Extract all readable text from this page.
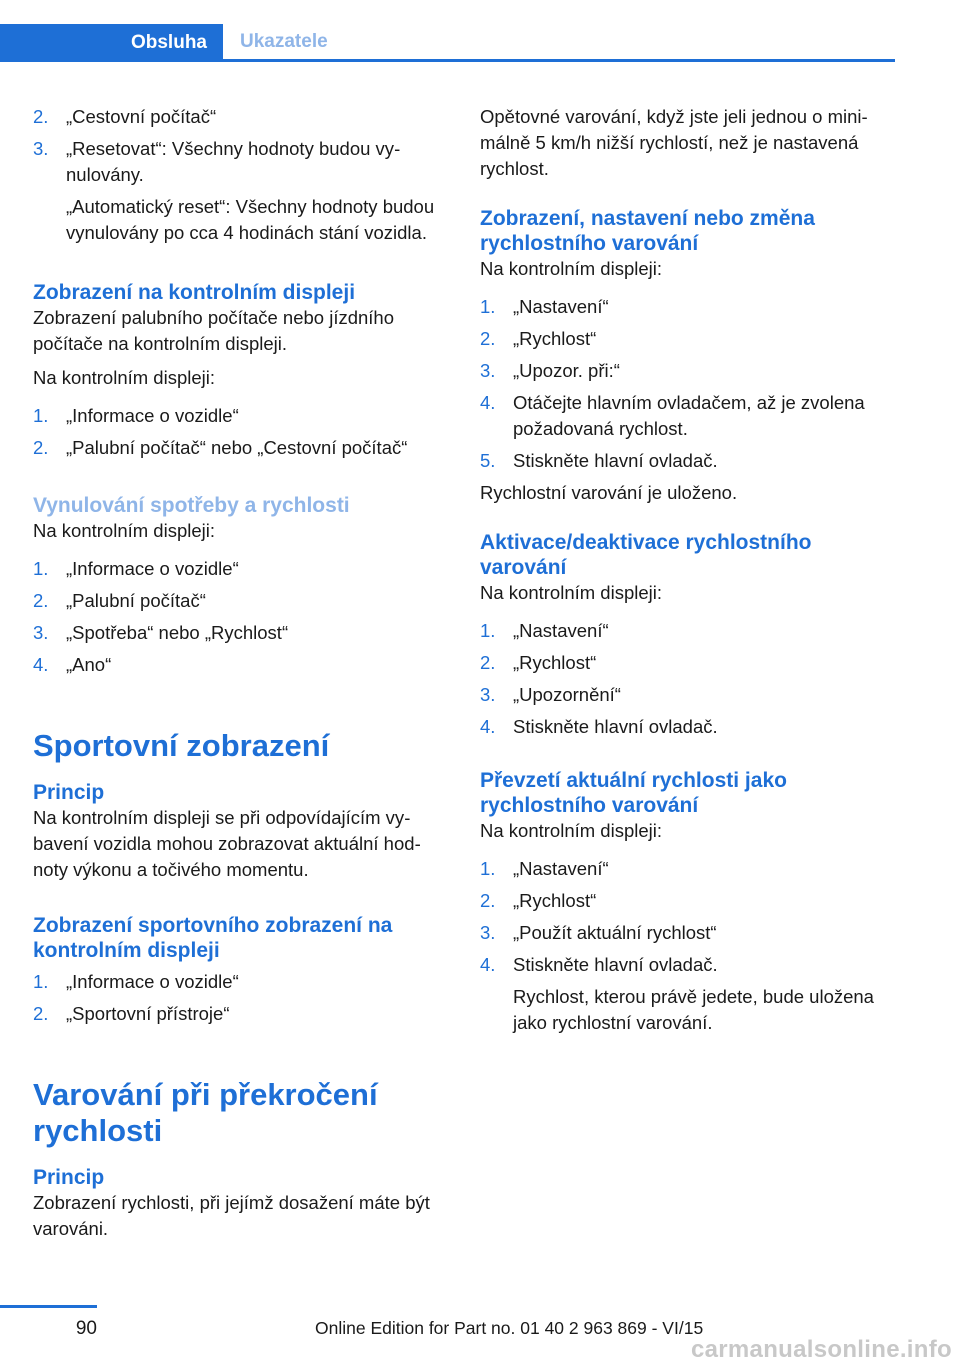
Obsluha	Ukazatele
2. „Cestovní počítač“
3. „Resetovat“: Všechny hodnoty budou vynulovány.
„Automatický reset“: Všechny hodnoty budou vynulovány po cca 4 hodinách stání vozidla.
Zobrazení na kontrolním displeji

Zobrazení palubního počítače nebo jízdního počítače na kontrolním displeji.

Na kontrolním displeji:

1. „Informace o vozidle“
2. „Palubní počítač“ nebo „Cestovní počítač“
Vynulování spotřeby a rychlosti

Na kontrolním displeji:

1. „Informace o vozidle“
2. „Palubní počítač“
3. „Spotřeba“ nebo „Rychlost“
4. „Ano“
Sportovní zobrazení
Princip

Na kontrolním displeji se při odpovídajícím vybavení vozidla mohou zobrazovat aktuální hodnoty výkonu a točivého momentu.

Zobrazení sportovního zobrazení na kontrolním displeji
1. „Informace o vozidle“
2. „Sportovní přístroje“
Varování při překročení rychlosti
Princip

Zobrazení rychlosti, při jejímž dosažení máte být varováni.

Opětovné varování, když jste jeli jednou o minimálně 5 km/h nižší rychlostí, než je nastavená rychlost.

Zobrazení, nastavení nebo změna rychlostního varování

Na kontrolním displeji:

1. „Nastavení“
2. „Rychlost“
3. „Upozor. při:“
4. Otáčejte hlavním ovladačem, až je zvolena požadovaná rychlost.
5. Stiskněte hlavní ovladač.

Rychlostní varování je uloženo.

Aktivace/deaktivace rychlostního varování

Na kontrolním displeji:

1. „Nastavení“
2. „Rychlost“
3. „Upozornění“
4. Stiskněte hlavní ovladač.
Převzetí aktuální rychlosti jako rychlostního varování

Na kontrolním displeji:

1. „Nastavení“
2. „Rychlost“
3. „Použít aktuální rychlost“
4. Stiskněte hlavní ovladač.
Rychlost, kterou právě jedete, bude uložena jako rychlostní varování.
90	Online Edition for Part no. 01 40 2 963 869 - VI/15
carmanualsonline.info
